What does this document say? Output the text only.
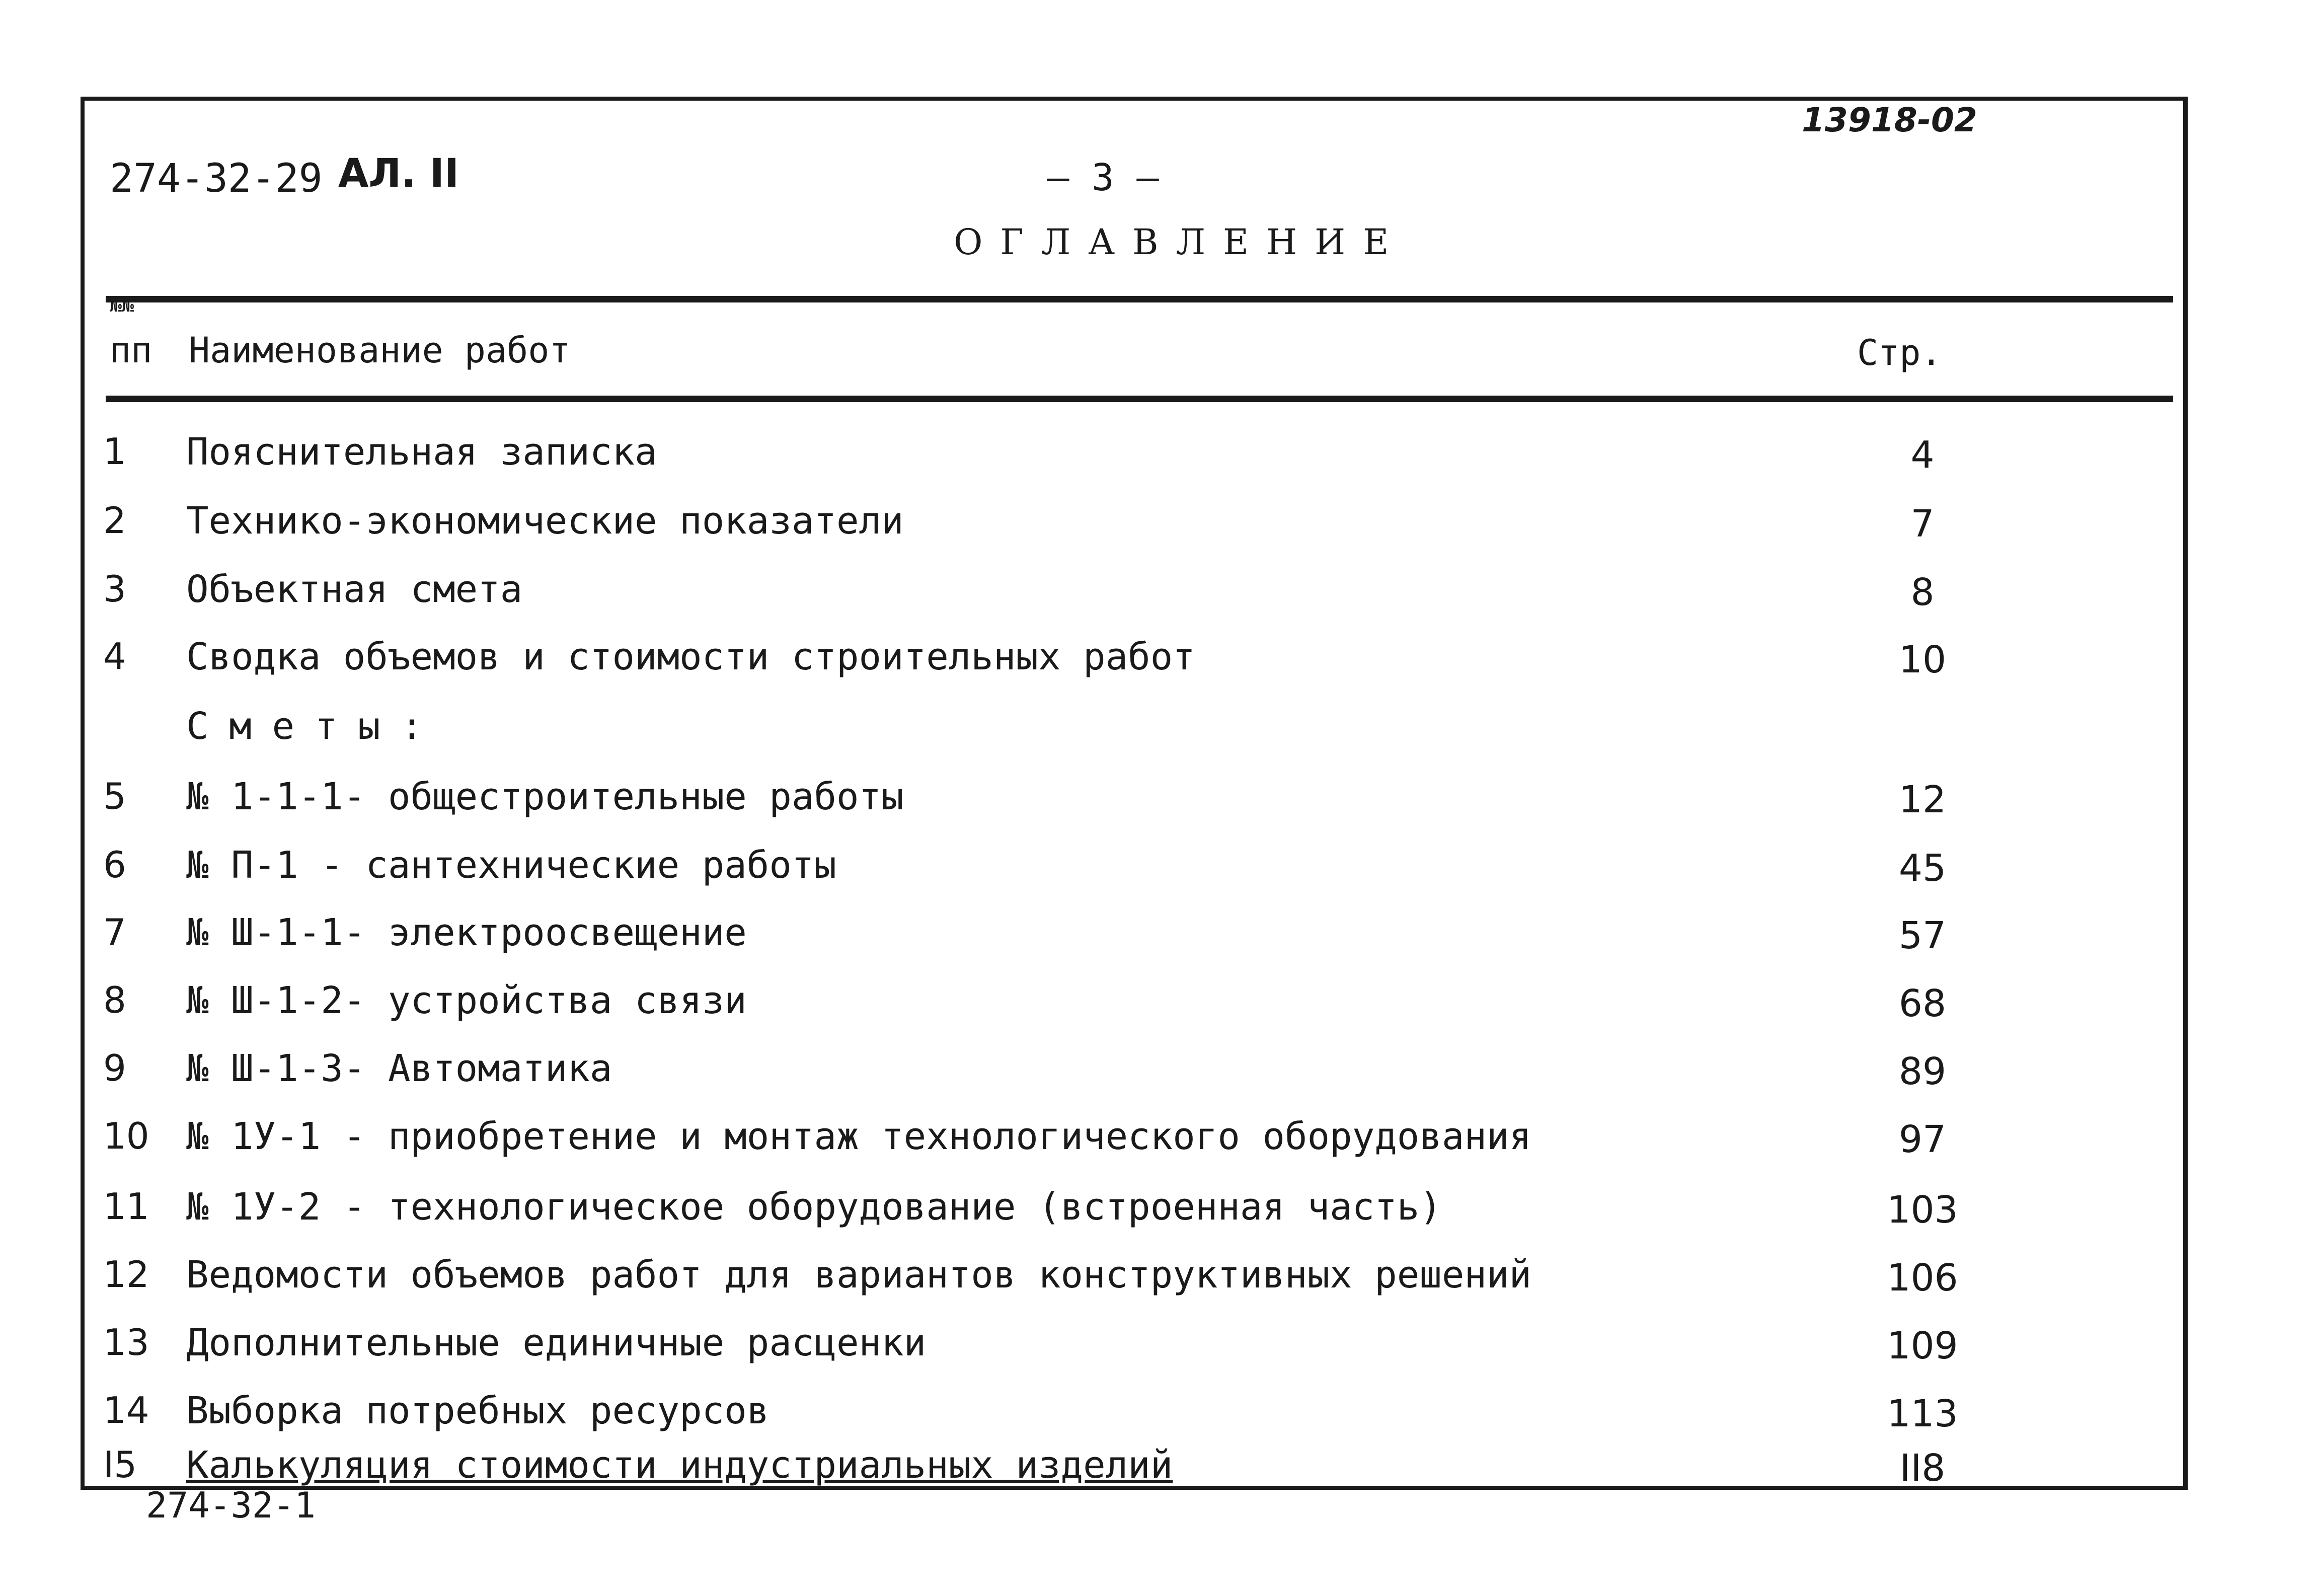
13918-02
274-32-29 АЛ. II	— 3 —
ОГЛАВЛЕНИЕ
№№
пп Наименование работ	Стр.
1	Пояснительная записка	4
2	Технико-экономические показатели	7
3	Объектная смета	8
4	Сводка объемов и стоимости строительных работ	10
Сметы:
5	№ 1-1-1- общестроительные работы	12
6	№ П-1 - сантехнические работы	45
7	№ Ш-1-1- электроосвещение	57
8	№ Ш-1-2- устройства связи	68
9	№ Ш-1-3- Автоматика	89
10 № 1У-1 - приобретение и монтаж технологического оборудования	97
11 № 1У-2 - технологическое оборудование (встроенная часть)	103
12 Ведомости объемов работ для вариантов конструктивных решений	106
13 Дополнительные единичные расценки	109
14 Выборка потребных ресурсов	113
I5	Калькуляция стоимости индустриальных изделий	II8
274-32-1
